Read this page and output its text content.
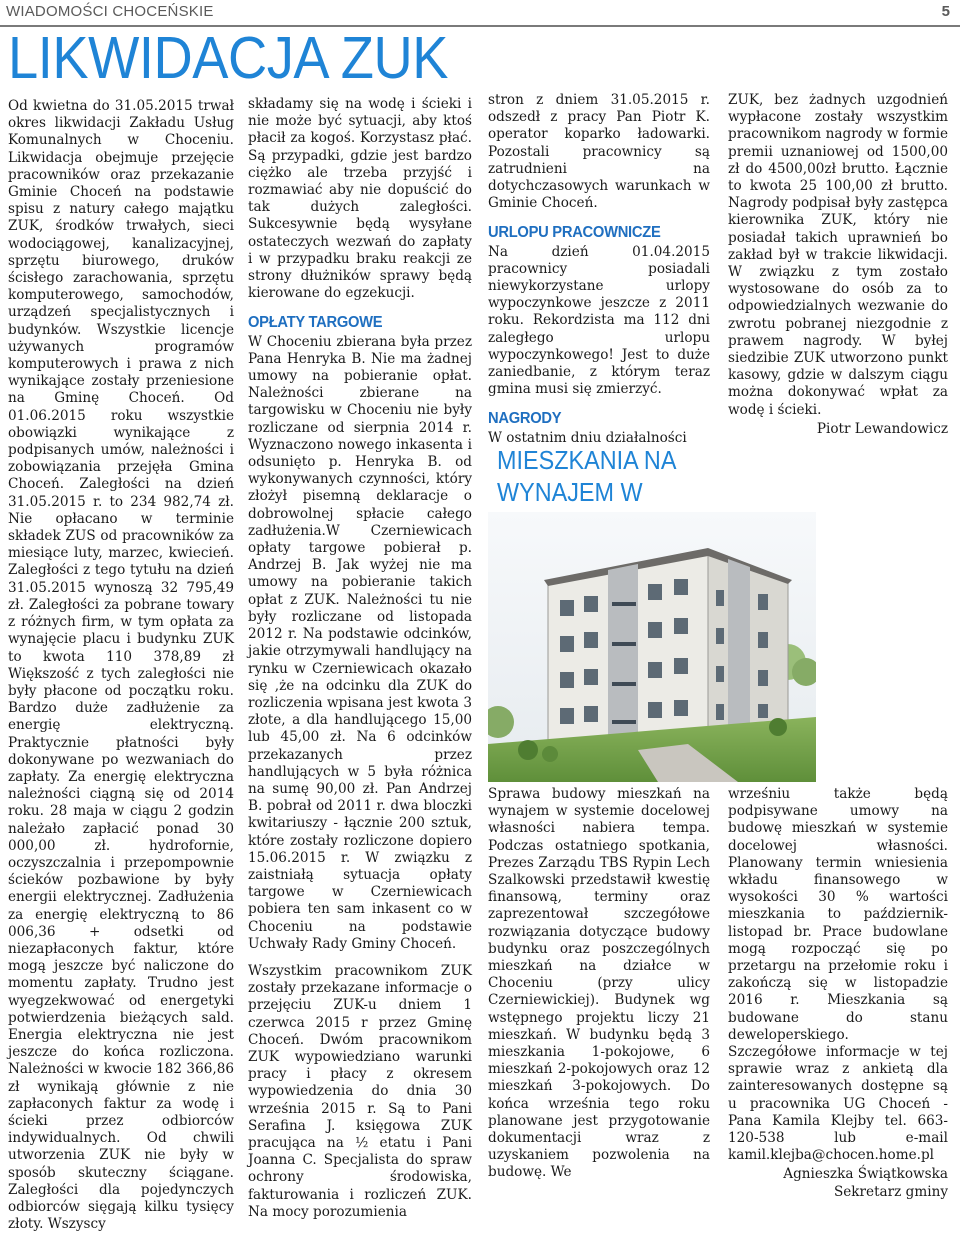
WIADOMOŚCI CHOCEŃSKIE	5
LIKWIDACJA ZUK

Od kwietna do 31.05.2015 trwał okres likwidacji Zakładu Usług Komunalnych w Choceniu. Likwidacja obejmuje przejęcie pracowników oraz przekazanie Gminie Choceń na podstawie spisu z natury całego majątku ZUK, środków trwałych, sieci wodociągowej, kanalizacyjnej, sprzętu biurowego, druków ścisłego zarachowania, sprzętu komputerowego, samochodów, urządzeń specjalistycznych i budynków. Wszystkie licencje używanych programów komputerowych i prawa z nich wynikające zostały przeniesione na Gminę Choceń. Od 01.06.2015 roku wszystkie obowiązki wynikające z podpisanych umów, należności i zobowiązania przejęła Gmina Choceń. Zaległości na dzień 31.05.2015 r. to 234 982,74 zł. Nie opłacano w terminie składek ZUS od pracowników za miesiące luty, marzec, kwiecień. Zaległości z tego tytułu na dzień 31.05.2015 wynoszą 32 795,49 zł. Zaległości za pobrane towary z różnych firm, w tym opłata za wynajęcie placu i budynku ZUK to kwota 110 378,89 zł Większość z tych zaległości nie były płacone od początku roku. Bardzo duże zadłużenie za energię elektryczną. Praktycznie płatności były dokonywane po wezwaniach do zapłaty. Za energię elektryczna należności ciągną się od 2014 roku. 28 maja w ciągu 2 godzin należało zapłacić ponad 30 000,00 zł. hydrofornie, oczyszczalnia i przepompownie ścieków pozbawione by były energii elektrycznej. Zadłużenia za energię elektryczną to 86 006,36 + odsetki od niezapłaconych faktur, które mogą jeszcze być naliczone do momentu zapłaty. Trudno jest wyegzekwować od energetyki potwierdzenia bieżących sald. Energia elektryczna nie jest jeszcze do końca rozliczona. Należności w kwocie 182 366,86 zł wynikają głównie z nie zapłaconych faktur za wodę i ścieki przez odbiorców indywidualnych. Od chwili utworzenia ZUK nie były w sposób skuteczny ściągane. Zaległości dla pojedynczych odbiorców sięgają kilku tysięcy złoty. Wszyscy

składamy się na wodę i ścieki i nie może być sytuacji, aby ktoś płacił za kogoś. Korzystasz płać. Są przypadki, gdzie jest bardzo ciężko ale trzeba przyjść i rozmawiać aby nie dopuścić do tak dużych zaległości. Sukcesywnie będą wysyłane ostateczych wezwań do zapłaty i w przypadku braku reakcji ze strony dłużników sprawy będą kierowane do egzekucji.

OPŁATY TARGOWE

W Choceniu zbierana była przez Pana Henryka B. Nie ma żadnej umowy na pobieranie opłat. Należności zbierane na targowisku w Choceniu nie były rozliczane od sierpnia 2014 r. Wyznaczono nowego inkasenta i odsunięto p. Henryka B. od wykonywanych czynności, który złożył pisemną deklaracje o dobrowolnej spłacie całego zadłużenia.W Czerniewicach opłaty targowe pobierał p. Andrzej B. Jak wyżej nie ma umowy na pobieranie takich opłat z ZUK. Należności tu nie były rozliczane od listopada 2012 r. Na podstawie odcinków, jakie otrzymywali handlujący na rynku w Czerniewicach okazało się ,że na odcinku dla ZUK do rozliczenia wpisana jest kwota 3 złote, a dla handlującego 15,00 lub 45,00 zł. Na 6 odcinków przekazanych przez handlujących w 5 była różnica na sumę 90,00 zł. Pan Andrzej B. pobrał od 2011 r. dwa bloczki kwitariuszy - łącznie 200 sztuk, które zostały rozliczone dopiero 15.06.2015 r. W związku z zaistniałą sytuacja opłaty targowe w Czerniewicach pobiera ten sam inkasent co w Choceniu na podstawie Uchwały Rady Gminy Choceń.

Wszystkim pracownikom ZUK zostały przekazane informacje o przejęciu ZUK-u dniem 1 czerwca 2015 r przez Gminę Choceń. Dwóm pracownikom ZUK wypowiedziano warunki pracy i płacy z okresem wypowiedzenia do dnia 30 września 2015 r. Są to Pani Serafina J. księgowa ZUK pracująca na ½ etatu i Pani Joanna C. Specjalista do spraw ochrony środowiska, fakturowania i rozliczeń ZUK. Na mocy porozumienia

stron z dniem 31.05.2015 r. odszedł z pracy Pan Piotr K. operator koparko ładowarki. Pozostali pracownicy są zatrudnieni na dotychczasowych warunkach w Gminie Choceń.

URLOPU PRACOWNICZE

Na dzień 01.04.2015 pracownicy posiadali niewykorzystane urlopy wypoczynkowe jeszcze z 2011 roku. Rekordzista ma 112 dni zaległego urlopu wypoczynkowego! Jest to duże zaniedbanie, z którym teraz gmina musi się zmierzyć.

NAGRODY

W ostatnim dniu działalności

ZUK, bez żadnych uzgodnień wypłacone zostały wszystkim pracownikom nagrody w formie premii uznaniowej od 1500,00 zł do 4500,00zł brutto. Łącznie to kwota 25 100,00 zł brutto. Nagrody podpisał były zastępca kierownika ZUK, który nie posiadał takich uprawnień bo zakład był w trakcie likwidacji. W związku z tym zostało wystosowane do osób za to odpowiedzialnych wezwanie do zwrotu pobranej niezgodnie z prawem nagrody. W byłej siedzibie ZUK utworzono punkt kasowy, gdzie w dalszym ciągu można dokonywać wpłat za wodę i ścieki.

Piotr Lewandowicz
MIESZKANIA NA WYNAJEM W

Sprawa budowy mieszkań na wynajem w systemie docelowej własności nabiera tempa. Podczas ostatniego spotkania, Prezes Zarządu TBS Rypin Lech Szalkowski przedstawił kwestię finansową, terminy oraz zaprezentował szczegółowe rozwiązania dotyczące budowy budynku oraz poszczególnych mieszkań na działce w Choceniu (przy ulicy Czerniewickiej). Budynek wg wstępnego projektu liczy 21 mieszkań. W budynku będą 3 mieszkania 1-pokojowe, 6 mieszkań 2-pokojowych oraz 12 mieszkań 3-pokojowych. Do końca września tego roku planowane jest przygotowanie dokumentacji wraz z uzyskaniem pozwolenia na budowę. We

wrześniu także będą podpisywane umowy na budowę mieszkań w systemie docelowej własności. Planowany termin wniesienia wkładu finansowego w wysokości 30 % wartości mieszkania to październik- listopad br. Prace budowlane mogą rozpocząć się po przetargu na przełomie roku i zakończą się w listopadzie 2016 r. Mieszkania są budowane do stanu deweloperskiego.

Szczegółowe informacje w tej sprawie wraz z ankietą dla zainteresowanych dostępne są u pracownika UG Choceń - Pana Kamila Klejby tel. 663-120-538 lub e-mail kamil.klejba@chocen.home.pl

Agnieszka Świątkowska
Sekretarz gminy
